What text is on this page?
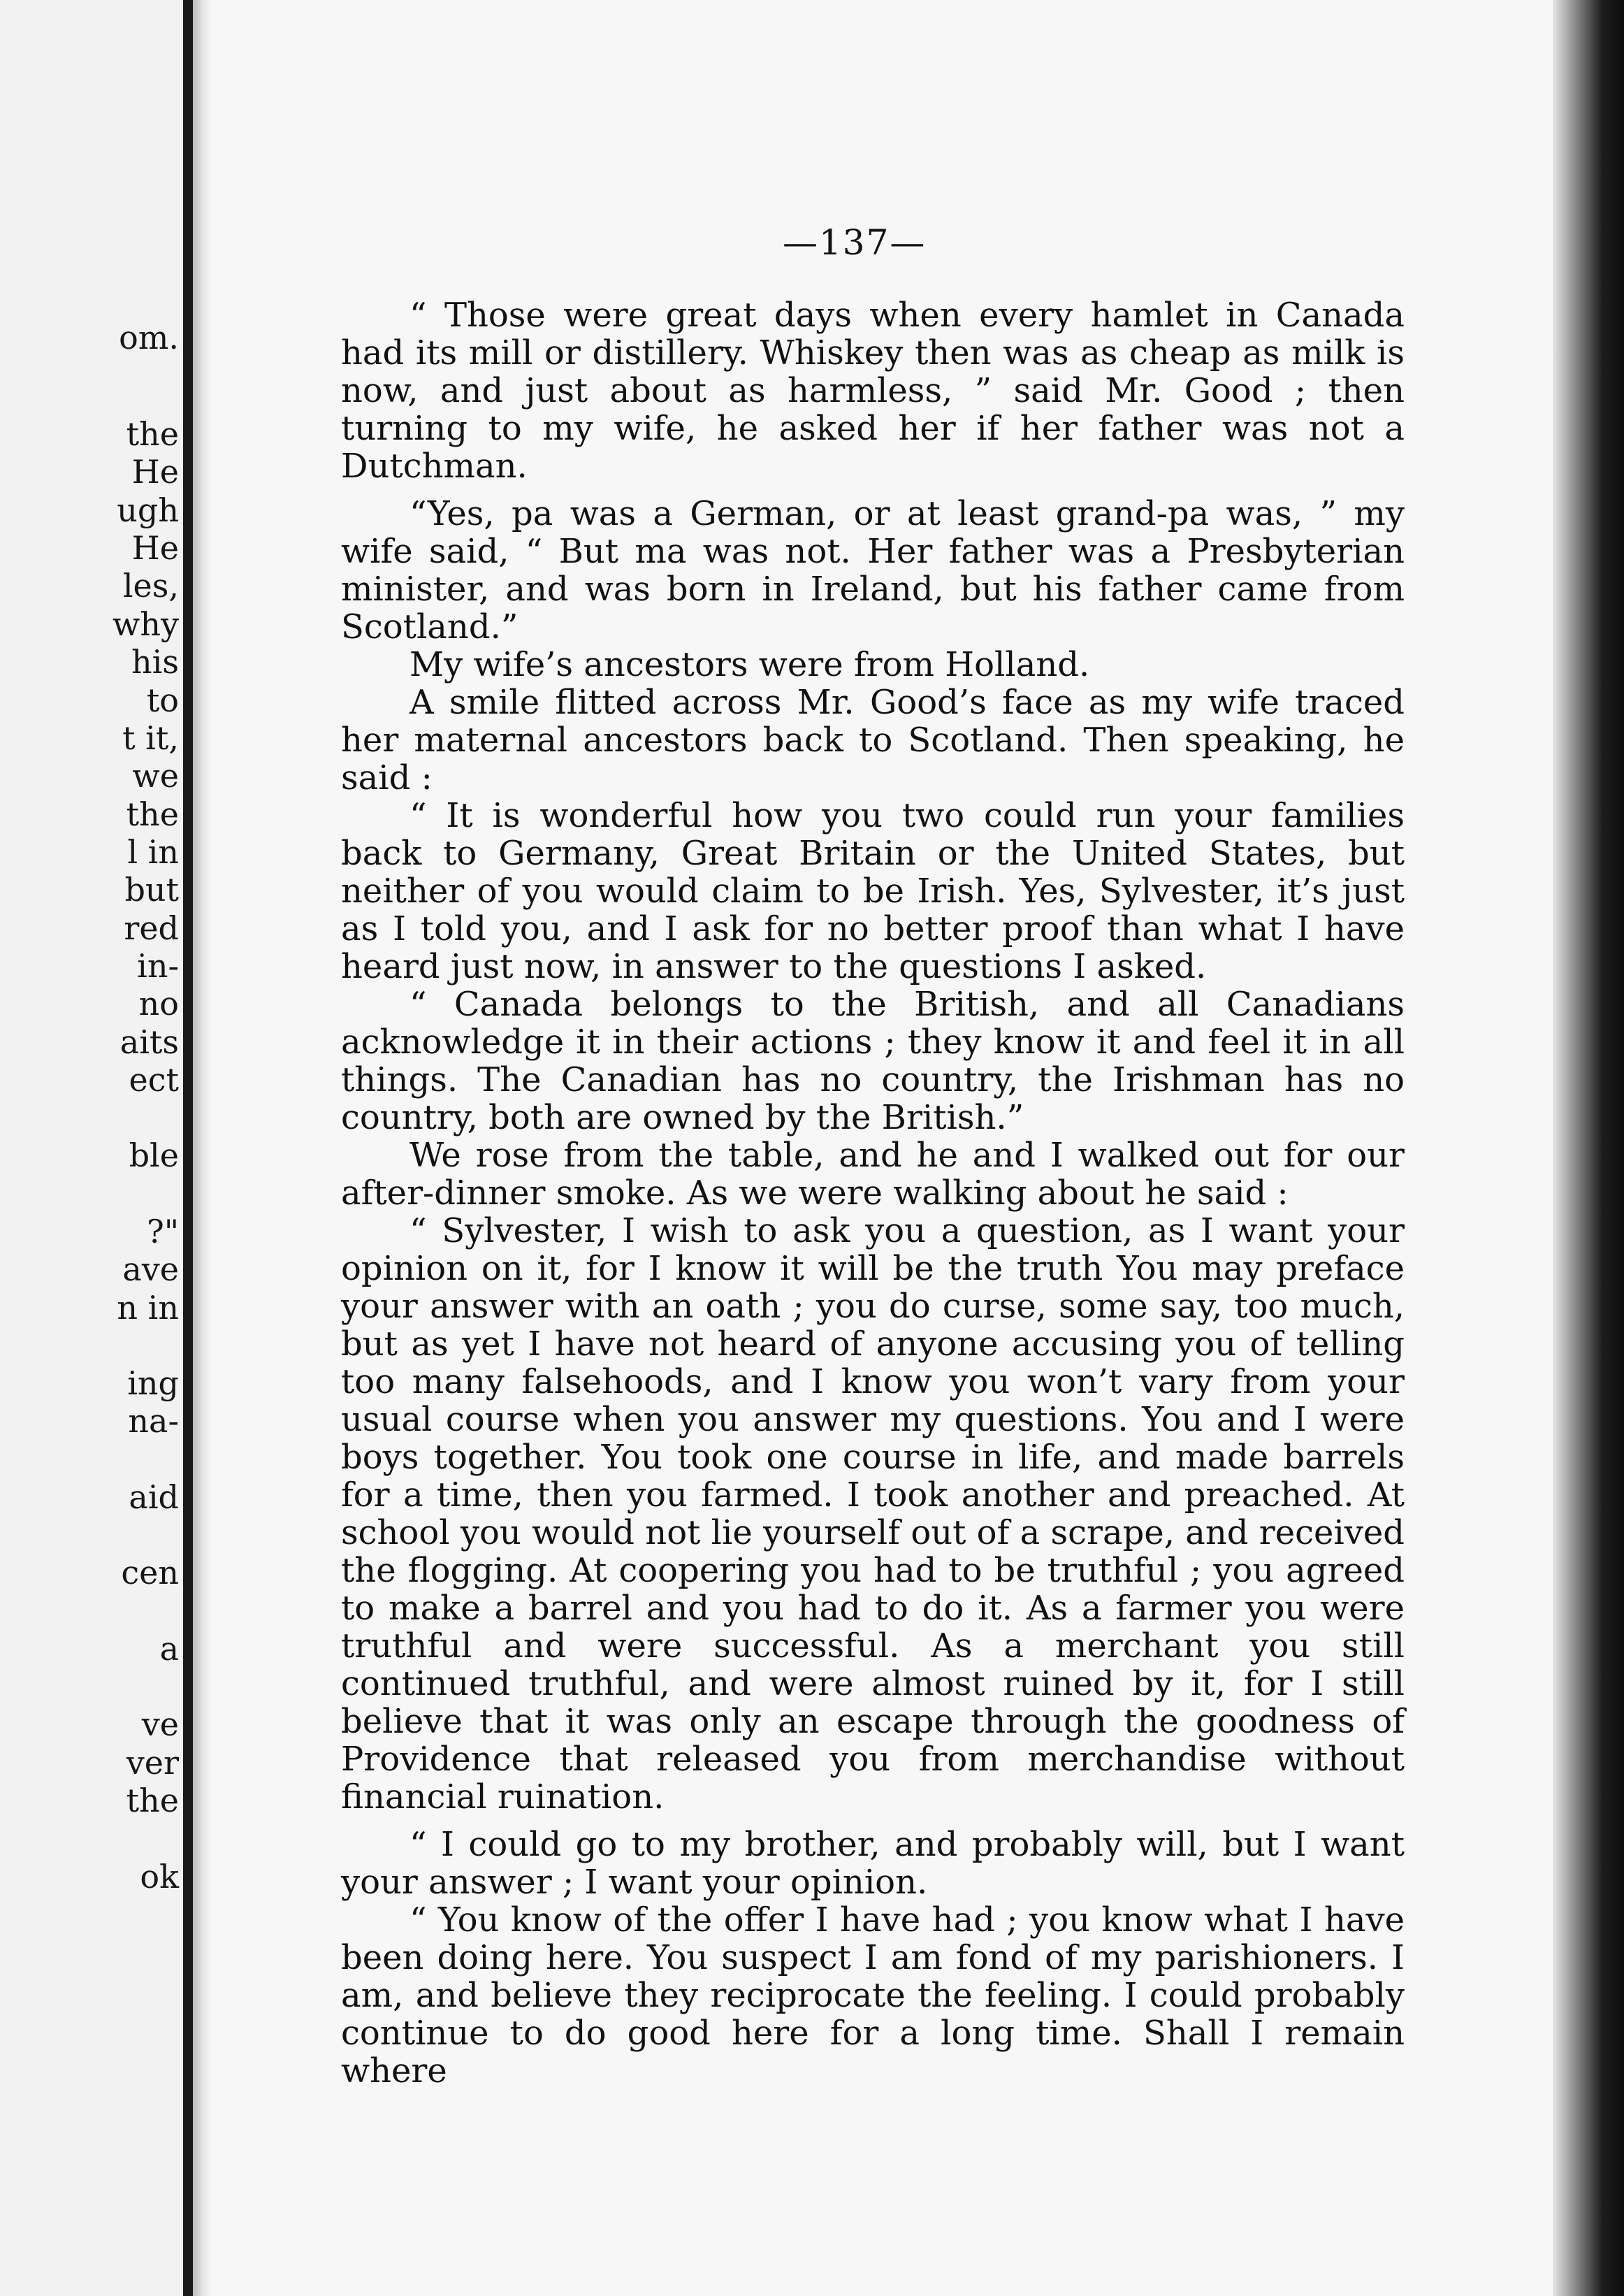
om.
the
He
ugh
He
les,
why
his
to
t it,
we
the
l in
but
red
in-
no
aits
ect
ble
?"
ave
n in
ing
na-
aid
cen
a
ve
ver
the
ok
—137—

“ Those were great days when every hamlet in Canada had its mill or distillery. Whiskey then was as cheap as milk is now, and just about as harmless, ” said Mr. Good ; then turning to my wife, he asked her if her father was not a Dutchman.

“Yes, pa was a German, or at least grand-pa was, ” my wife said, “ But ma was not. Her father was a Presbyterian minister, and was born in Ireland, but his father came from Scotland.”

My wife’s ancestors were from Holland.

A smile flitted across Mr. Good’s face as my wife traced her maternal ancestors back to Scotland. Then speaking, he said :

“ It is wonderful how you two could run your families back to Germany, Great Britain or the United States, but neither of you would claim to be Irish. Yes, Sylvester, it’s just as I told you, and I ask for no better proof than what I have heard just now, in answer to the questions I asked.

“ Canada belongs to the British, and all Canadians acknowledge it in their actions ; they know it and feel it in all things. The Canadian has no country, the Irishman has no country, both are owned by the British.”

We rose from the table, and he and I walked out for our after-dinner smoke. As we were walking about he said :

“ Sylvester, I wish to ask you a question, as I want your opinion on it, for I know it will be the truth You may preface your answer with an oath ; you do curse, some say, too much, but as yet I have not heard of anyone accusing you of telling too many falsehoods, and I know you won’t vary from your usual course when you answer my questions. You and I were boys together. You took one course in life, and made barrels for a time, then you farmed. I took another and preached. At school you would not lie yourself out of a scrape, and received the flogging. At coopering you had to be truthful ; you agreed to make a barrel and you had to do it. As a farmer you were truthful and were successful. As a merchant you still continued truthful, and were almost ruined by it, for I still believe that it was only an escape through the goodness of Providence that released you from merchandise without financial ruination.

“ I could go to my brother, and probably will, but I want your answer ; I want your opinion.

“ You know of the offer I have had ; you know what I have been doing here. You suspect I am fond of my parishioners. I am, and believe they reciprocate the feeling. I could probably continue to do good here for a long time. Shall I remain where
